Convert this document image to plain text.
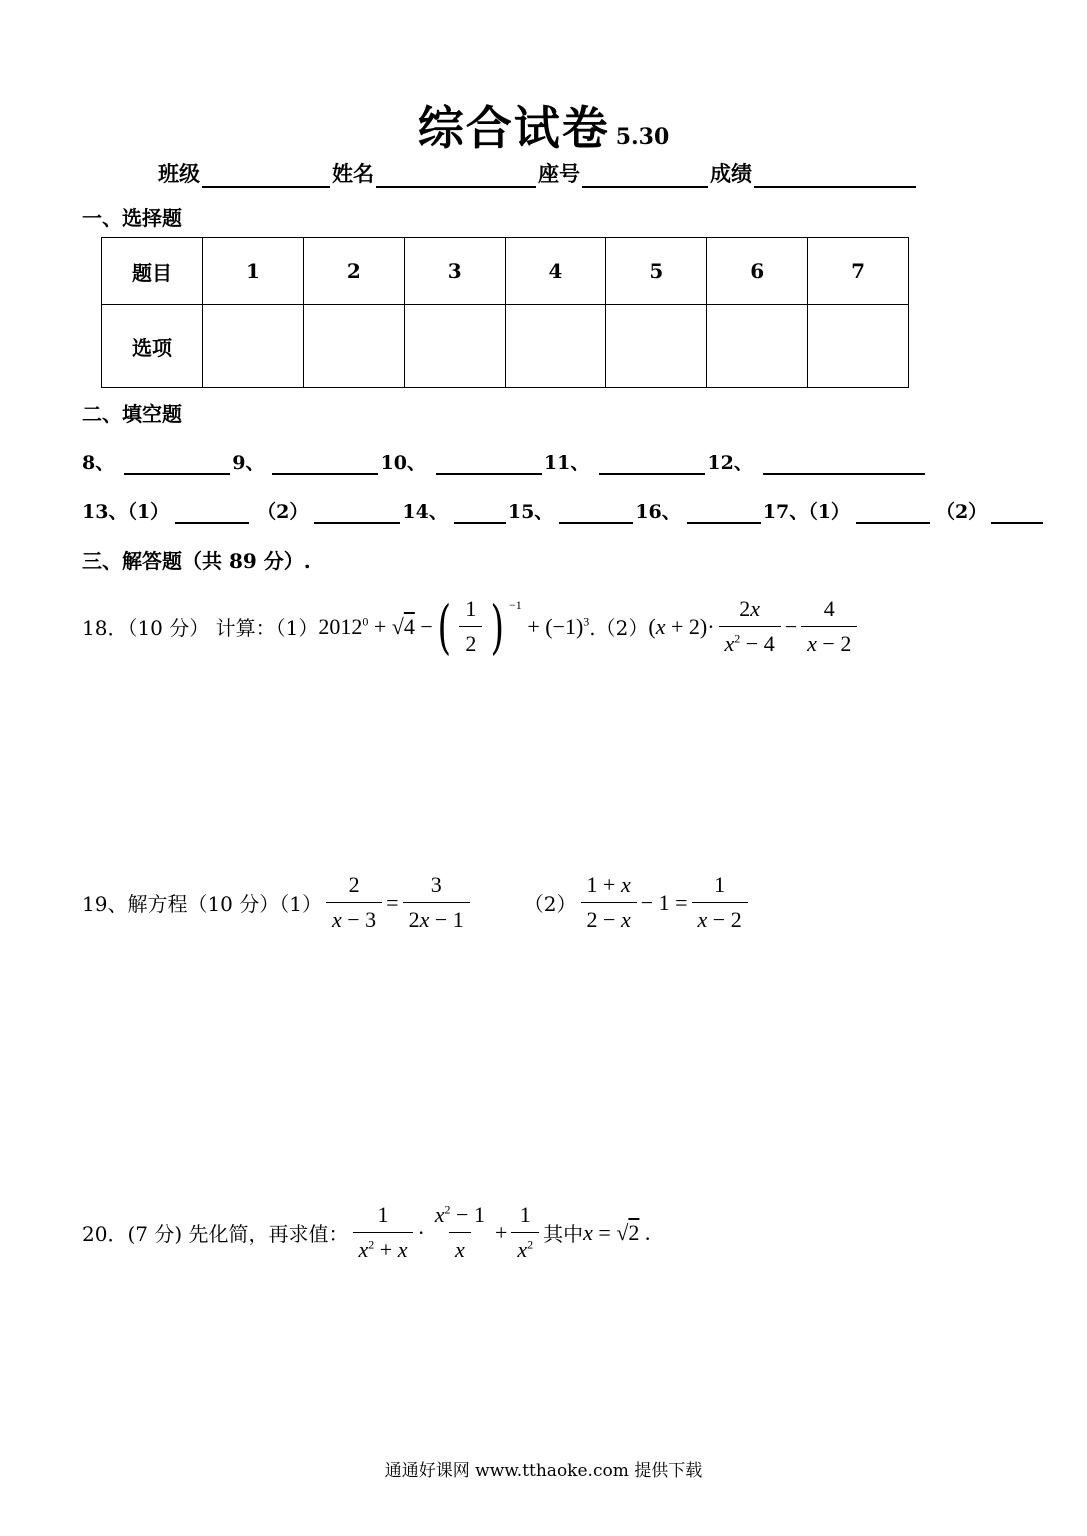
综合试卷 5.30
班级	姓名	座号	成绩
一、选择题
题目	1	2	3	4	5	6	7
选项							
二、填空题
8、	9、	10、	11、	12、
13、（1）	（2）	14、	15、	16、	17、（1）	（2）
三、解答题（共 89 分）.
18．（10 分） 计算：（1） $2012^0 + √4$ − ( $\frac{1}{2}$ ) $^{-1} + (-1)^3$ .（2） $(x + 2)\cdot \frac{2x}{x^2 - 4} - \frac{4}{x - 2}$
19、解方程（10 分）$(1) \frac{2}{x - 3} = \frac{3}{2x - 1}$	$(2) \frac{1 + x}{2 - x} - 1 = \frac{1}{x - 2}$
20．(7 分) 先化简，再求值： $\frac{1}{x^2 + x} \cdot \frac{x^2 - 1}{x} + \frac{1}{x^2}$ 其中 x = √2 .
通通好课网 www.tthaoke.com 提供下载
